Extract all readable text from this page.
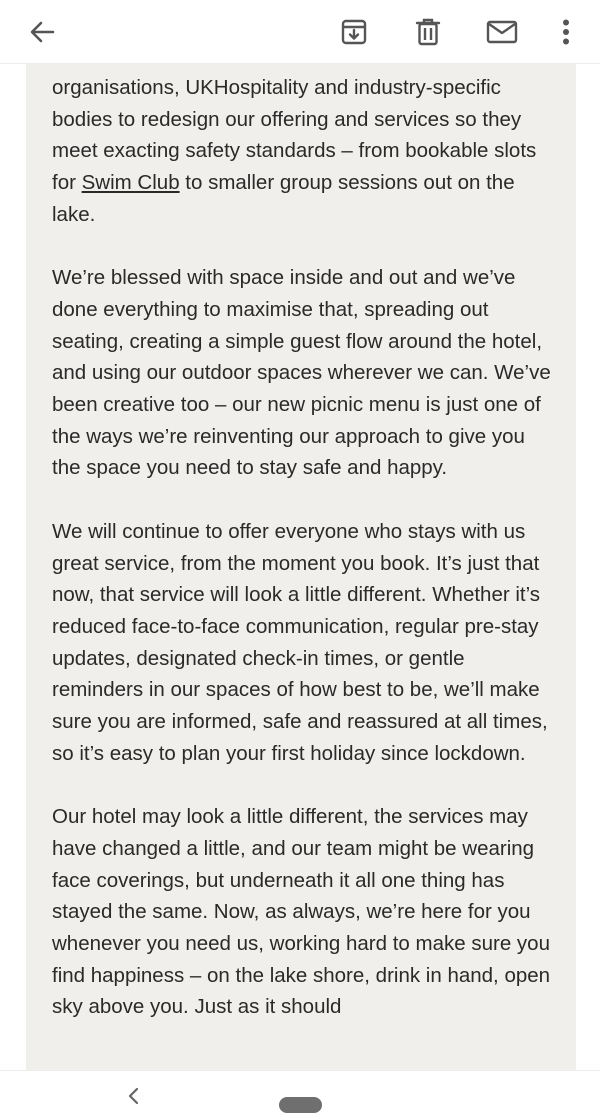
organisations, UKHospitality and industry-specific bodies to redesign our offering and services so they meet exacting safety standards – from bookable slots for Swim Club to smaller group sessions out on the lake.

We’re blessed with space inside and out and we’ve done everything to maximise that, spreading out seating, creating a simple guest flow around the hotel, and using our outdoor spaces wherever we can. We’ve been creative too – our new picnic menu is just one of the ways we’re reinventing our approach to give you the space you need to stay safe and happy.

We will continue to offer everyone who stays with us great service, from the moment you book. It’s just that now, that service will look a little different. Whether it’s reduced face-to-face communication, regular pre-stay updates, designated check-in times, or gentle reminders in our spaces of how best to be, we’ll make sure you are informed, safe and reassured at all times, so it’s easy to plan your first holiday since lockdown.

Our hotel may look a little different, the services may have changed a little, and our team might be wearing face coverings, but underneath it all one thing has stayed the same. Now, as always, we’re here for you whenever you need us, working hard to make sure you find happiness – on the lake shore, drink in hand, open sky above you. Just as it should
